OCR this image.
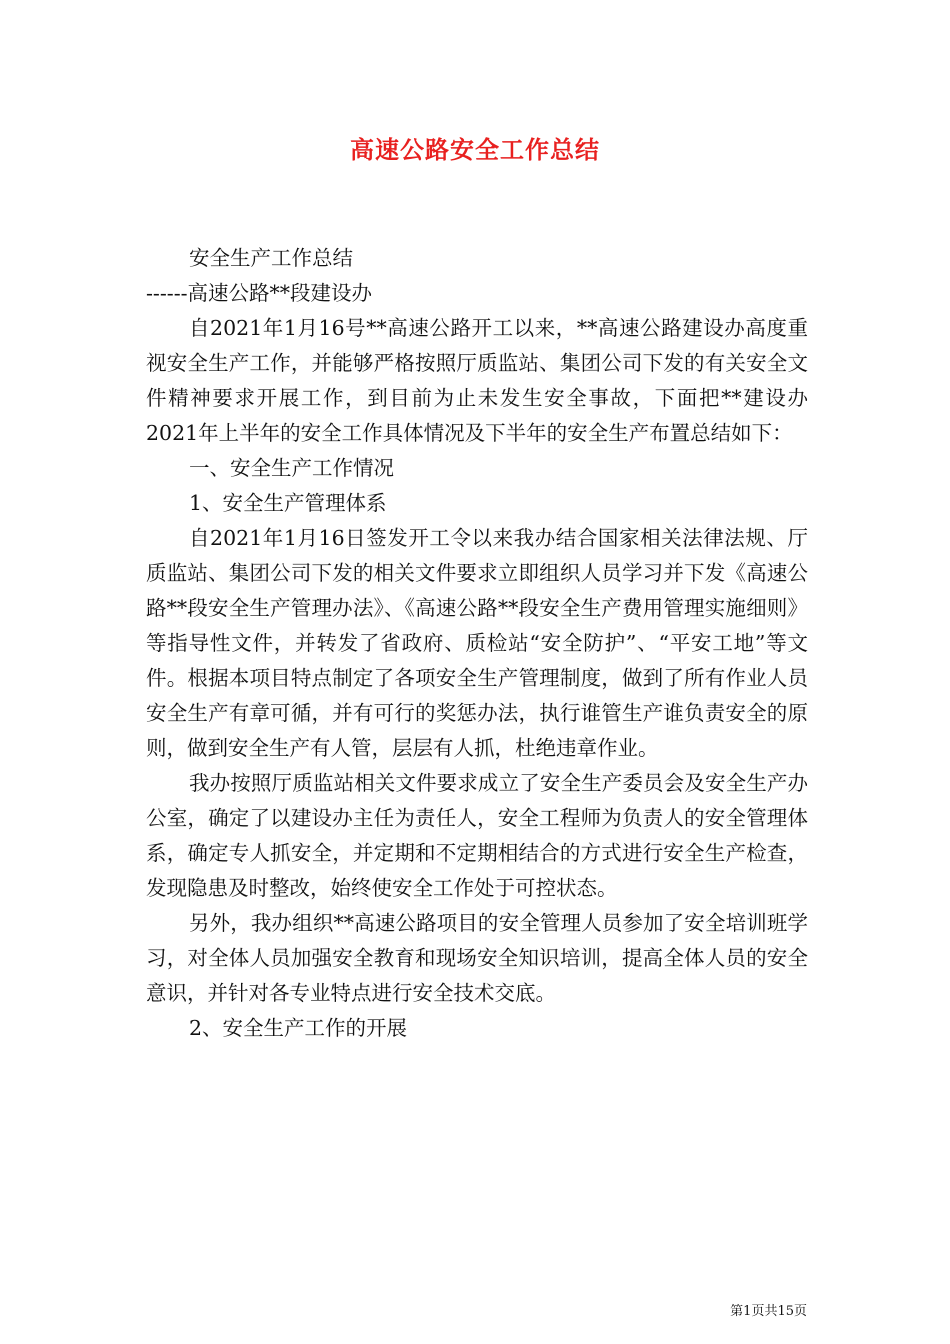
高速公路安全工作总结

安全生产工作总结

------高速公路**段建设办

自2021年1月16号**高速公路开工以来，**高速公路建设办高度重视安全生产工作，并能够严格按照厅质监站、集团公司下发的有关安全文件精神要求开展工作，到目前为止未发生安全事故，下面把**建设办2021年上半年的安全工作具体情况及下半年的安全生产布置总结如下：

一、安全生产工作情况

1、安全生产管理体系

自2021年1月16日签发开工令以来我办结合国家相关法律法规、厅质监站、集团公司下发的相关文件要求立即组织人员学习并下发《高速公路**段安全生产管理办法》、《高速公路**段安全生产费用管理实施细则》等指导性文件，并转发了省政府、质检站“安全防护”、“平安工地”等文件。根据本项目特点制定了各项安全生产管理制度，做到了所有作业人员安全生产有章可循，并有可行的奖惩办法，执行谁管生产谁负责安全的原则，做到安全生产有人管，层层有人抓，杜绝违章作业。

我办按照厅质监站相关文件要求成立了安全生产委员会及安全生产办公室，确定了以建设办主任为责任人，安全工程师为负责人的安全管理体系，确定专人抓安全，并定期和不定期相结合的方式进行安全生产检查，发现隐患及时整改，始终使安全工作处于可控状态。

另外，我办组织**高速公路项目的安全管理人员参加了安全培训班学习，对全体人员加强安全教育和现场安全知识培训，提高全体人员的安全意识，并针对各专业特点进行安全技术交底。

2、安全生产工作的开展

第1页共15页
